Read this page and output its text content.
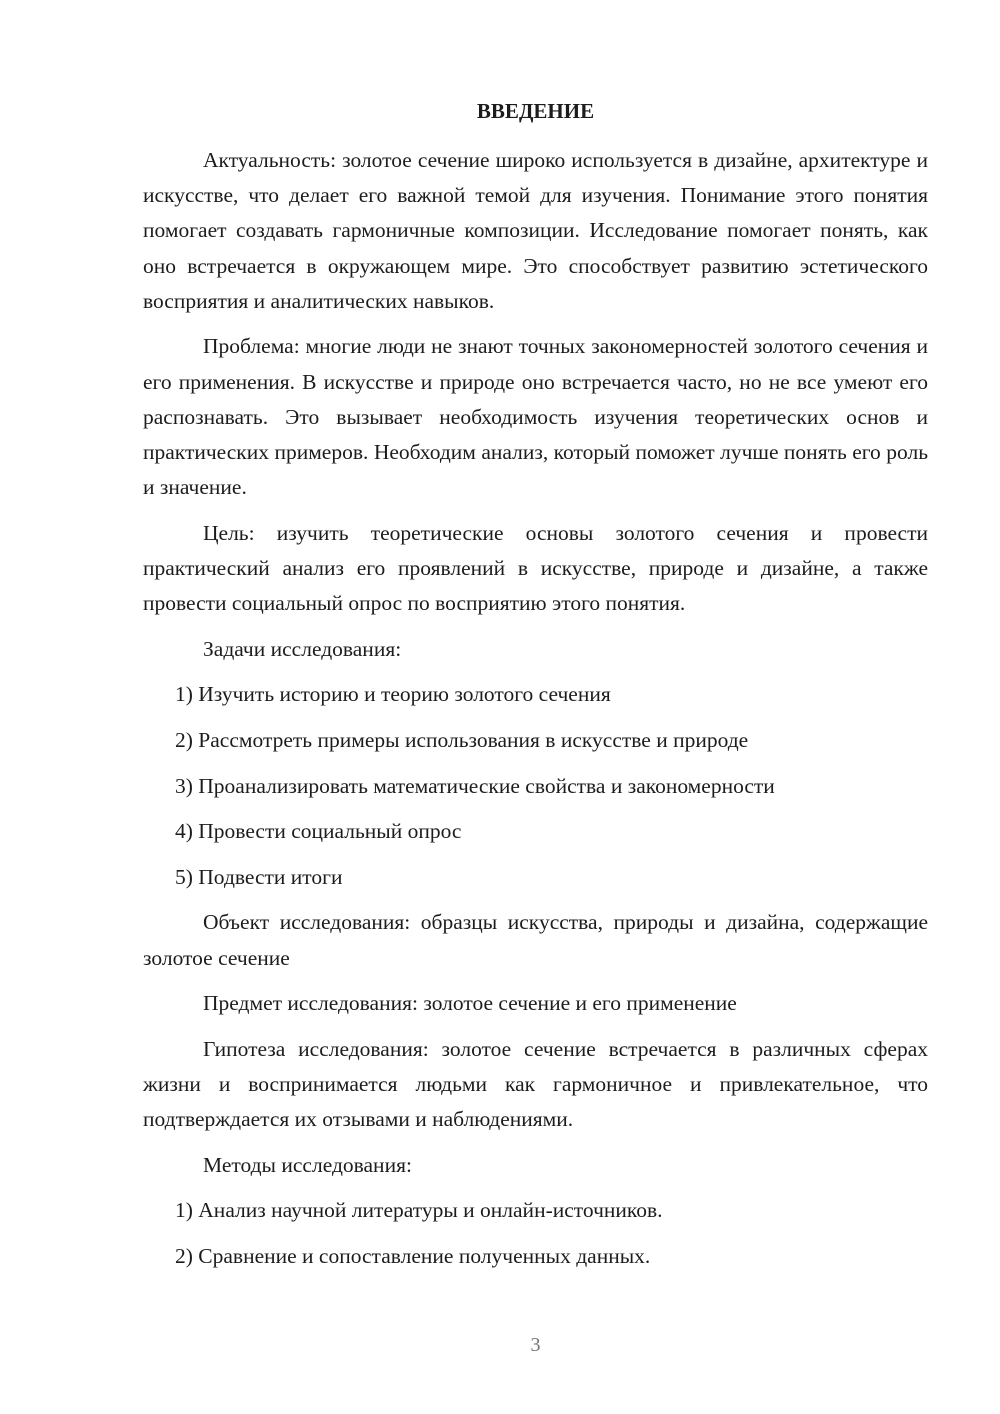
ВВЕДЕНИЕ

Актуальность: золотое сечение широко используется в дизайне, архитектуре и искусстве, что делает его важной темой для изучения. Понимание этого понятия помогает создавать гармоничные композиции. Исследование помогает понять, как оно встречается в окружающем мире. Это способствует развитию эстетического восприятия и аналитических навыков.

Проблема: многие люди не знают точных закономерностей золотого сечения и его применения. В искусстве и природе оно встречается часто, но не все умеют его распознавать. Это вызывает необходимость изучения теоретических основ и практических примеров. Необходим анализ, который поможет лучше понять его роль и значение.

Цель: изучить теоретические основы золотого сечения и провести практический анализ его проявлений в искусстве, природе и дизайне, а также провести социальный опрос по восприятию этого понятия.

Задачи исследования:

1) Изучить историю и теорию золотого сечения

2) Рассмотреть примеры использования в искусстве и природе

3) Проанализировать математические свойства и закономерности

4) Провести социальный опрос

5) Подвести итоги

Объект исследования: образцы искусства, природы и дизайна, содержащие золотое сечение

Предмет исследования: золотое сечение и его применение

Гипотеза исследования: золотое сечение встречается в различных сферах жизни и воспринимается людьми как гармоничное и привлекательное, что подтверждается их отзывами и наблюдениями.

Методы исследования:

1) Анализ научной литературы и онлайн-источников.

2) Сравнение и сопоставление полученных данных.

3
